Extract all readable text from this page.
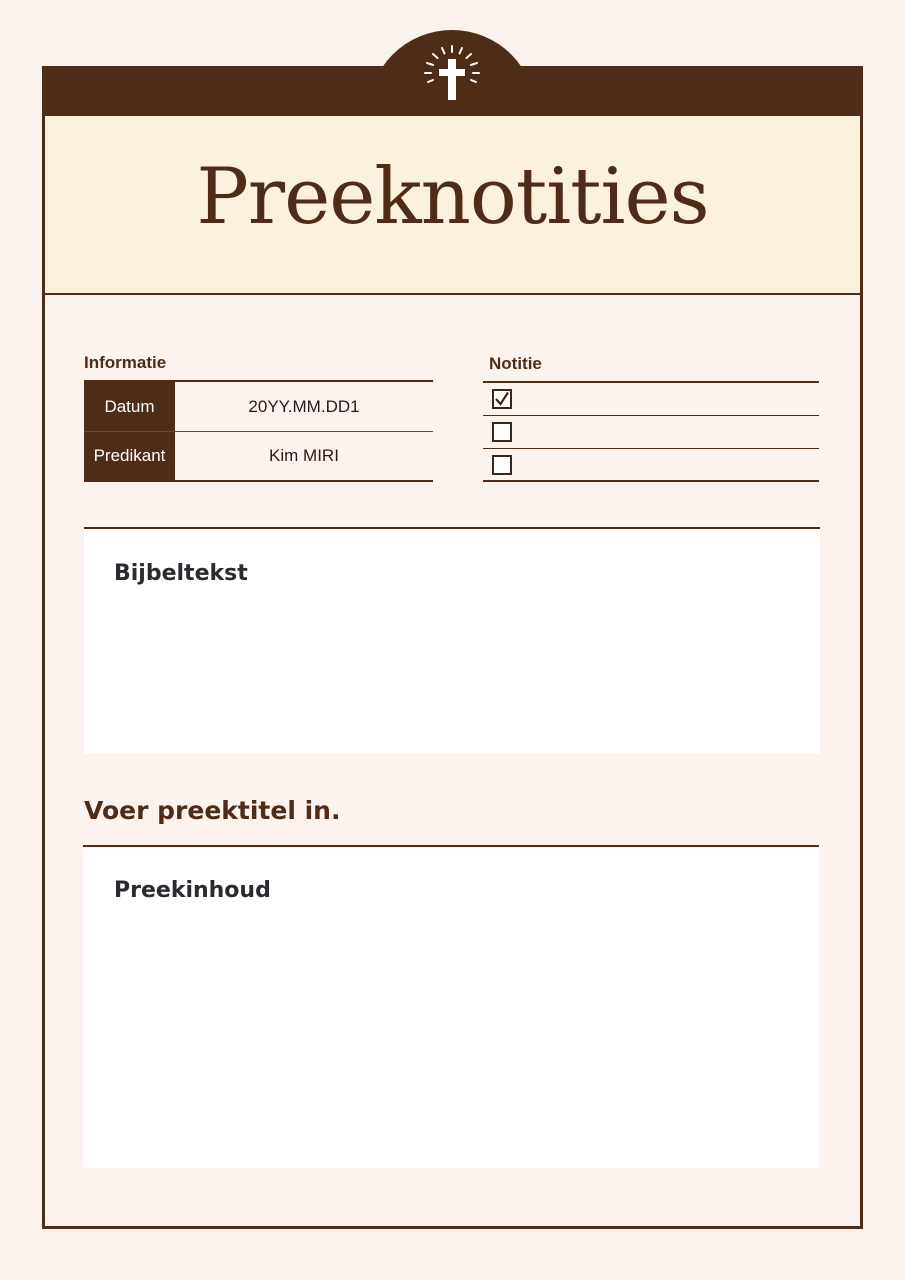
Preeknotities
Informatie
Datum	20YY.MM.DD1
Predikant	Kim MIRI
Notitie
Bijbeltekst
Voer preektitel in.
Preekinhoud
